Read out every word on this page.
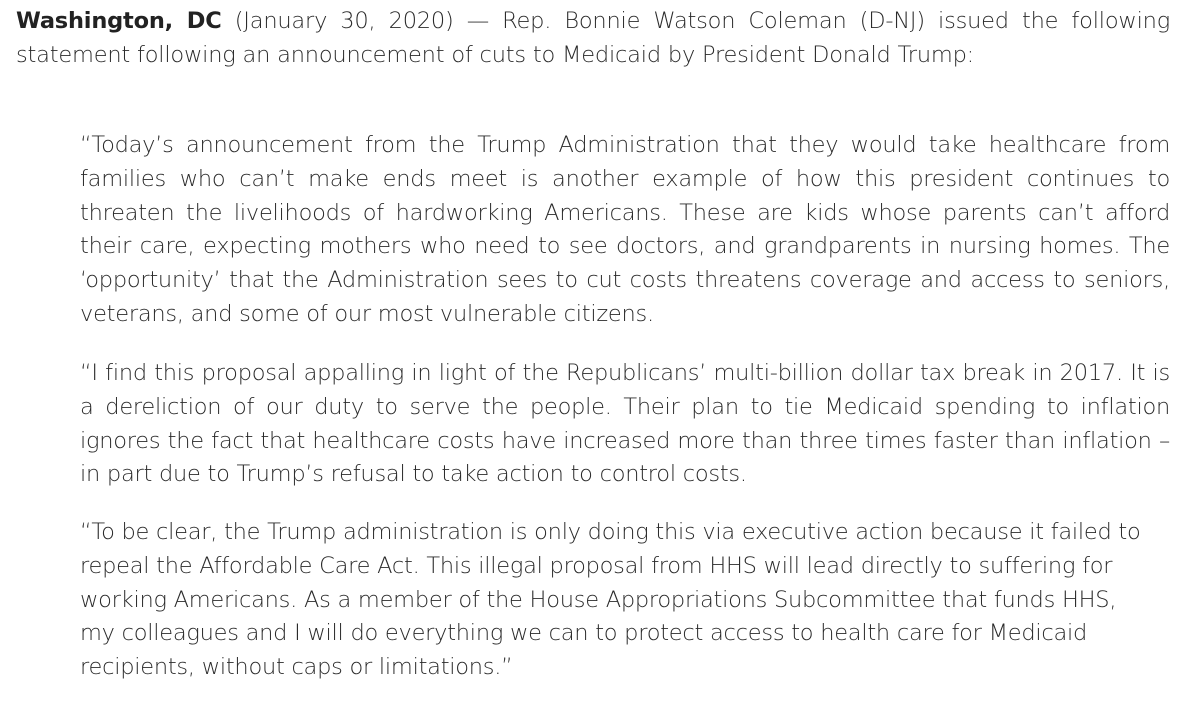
Washington, DC (January 30, 2020) — Rep. Bonnie Watson Coleman (D-NJ) issued the following statement following an announcement of cuts to Medicaid by President Donald Trump:

“Today’s announcement from the Trump Administration that they would take healthcare from families who can’t make ends meet is another example of how this president continues to threaten the livelihoods of hardworking Americans. These are kids whose parents can’t afford their care, expecting mothers who need to see doctors, and grandparents in nursing homes. The ‘opportunity’ that the Administration sees to cut costs threatens coverage and access to seniors, veterans, and some of our most vulnerable citizens.

“I find this proposal appalling in light of the Republicans’ multi-billion dollar tax break in 2017. It is a dereliction of our duty to serve the people. Their plan to tie Medicaid spending to inflation ignores the fact that healthcare costs have increased more than three times faster than inflation – in part due to Trump’s refusal to take action to control costs.

“To be clear, the Trump administration is only doing this via executive action because it failed to repeal the Affordable Care Act. This illegal proposal from HHS will lead directly to suffering for working Americans. As a member of the House Appropriations Subcommittee that funds HHS, my colleagues and I will do everything we can to protect access to health care for Medicaid recipients, without caps or limitations.”
